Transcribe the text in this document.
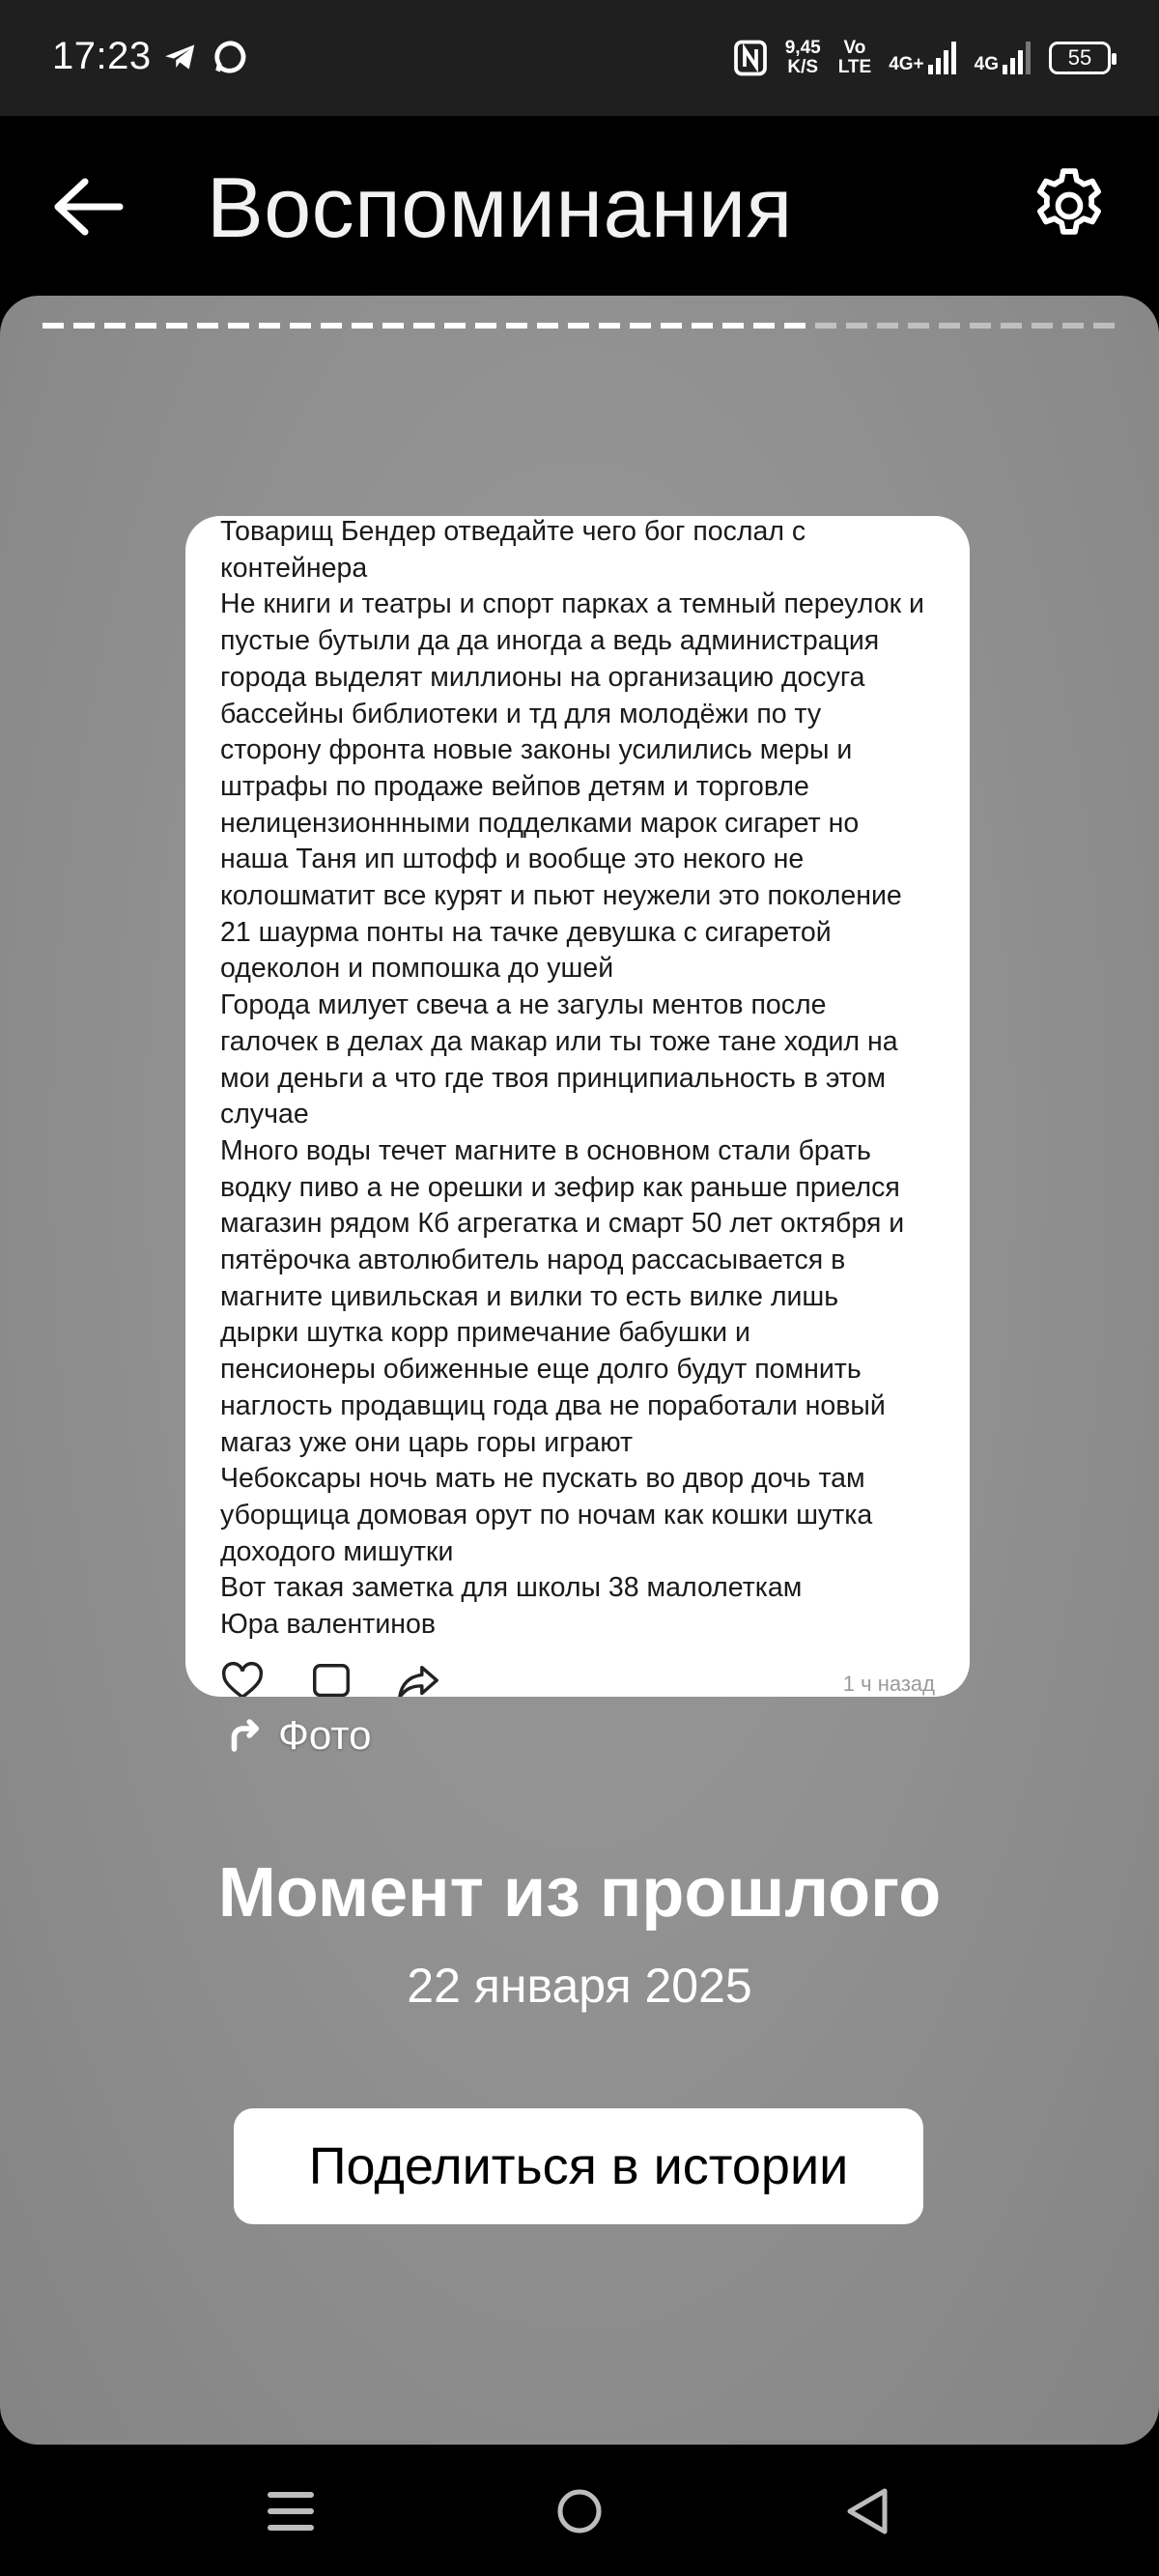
17:23	9,45
K/S
Vo
LTE 4G+	4G	55
Воспоминания
Товарищ Бендер отведайте чего бог послал с
контейнера
Не книги и театры и спорт парках а темный переулок и
пустые бутыли да да иногда а ведь администрация
города выделят миллионы на организацию досуга
бассейны библиотеки и тд для молодёжи по ту
сторону фронта новые законы усилились меры и
штрафы по продаже вейпов детям и торговле
нелицензионнными подделками марок сигарет но
наша Таня ип штофф и вообще это некого не
колошматит все курят и пьют неужели это поколение
21 шаурма понты на тачке девушка с сигаретой
одеколон и помпошка до ушей
Города милует свеча а не загулы ментов после
галочек в делах да макар или ты тоже тане ходил на
мои деньги а что где твоя принципиальность в этом
случае
Много воды течет магните в основном стали брать
водку пиво а не орешки и зефир как раньше приелся
магазин рядом Кб агрегатка и смарт 50 лет октября и
пятёрочка автолюбитель народ рассасывается в
магните цивильская и вилки то есть вилке лишь
дырки шутка корр примечание бабушки и
пенсионеры обиженные еще долго будут помнить
наглость продавщиц года два не поработали новый
магаз уже они царь горы играют
Чебоксары ночь мать не пускать во двор дочь там
уборщица домовая орут по ночам как кошки шутка
доходого мишутки
Вот такая заметка для школы 38 малолеткам
Юра валентинов
1 ч назад
Фото
Момент из прошлого
22 января 2025
Поделиться в истории
